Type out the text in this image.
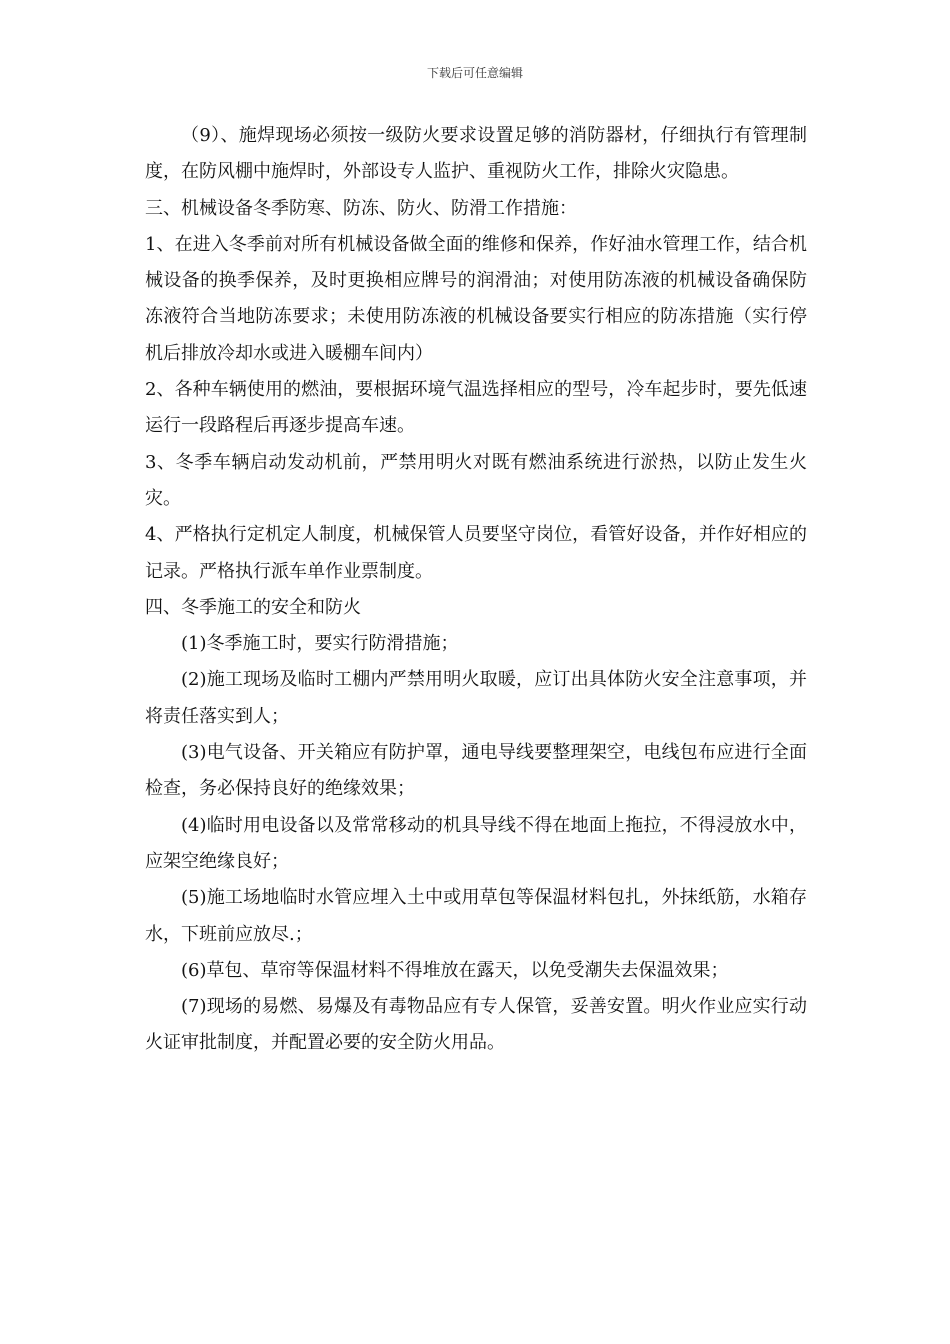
下载后可任意编辑

（9）、施焊现场必须按一级防火要求设置足够的消防器材，仔细执行有管理制度，在防风棚中施焊时，外部设专人监护、重视防火工作，排除火灾隐患。

三、机械设备冬季防寒、防冻、防火、防滑工作措施：

1、在进入冬季前对所有机械设备做全面的维修和保养，作好油水管理工作，结合机械设备的换季保养，及时更换相应牌号的润滑油；对使用防冻液的机械设备确保防冻液符合当地防冻要求；未使用防冻液的机械设备要实行相应的防冻措施（实行停机后排放冷却水或进入暖棚车间内）

2、各种车辆使用的燃油，要根据环境气温选择相应的型号，冷车起步时，要先低速运行一段路程后再逐步提高车速。

3、冬季车辆启动发动机前，严禁用明火对既有燃油系统进行淤热，以防止发生火灾。

4、严格执行定机定人制度，机械保管人员要坚守岗位，看管好设备，并作好相应的记录。严格执行派车单作业票制度。

四、冬季施工的安全和防火

(1)冬季施工时，要实行防滑措施；

(2)施工现场及临时工棚内严禁用明火取暖，应订出具体防火安全注意事项，并将责任落实到人；

(3)电气设备、开关箱应有防护罩，通电导线要整理架空，电线包布应进行全面检查，务必保持良好的绝缘效果；

(4)临时用电设备以及常常移动的机具导线不得在地面上拖拉，不得浸放水中，应架空绝缘良好；

(5)施工场地临时水管应埋入土中或用草包等保温材料包扎，外抹纸筋，水箱存水，下班前应放尽.；

(6)草包、草帘等保温材料不得堆放在露天，以免受潮失去保温效果；

(7)现场的易燃、易爆及有毒物品应有专人保管，妥善安置。明火作业应实行动火证审批制度，并配置必要的安全防火用品。
